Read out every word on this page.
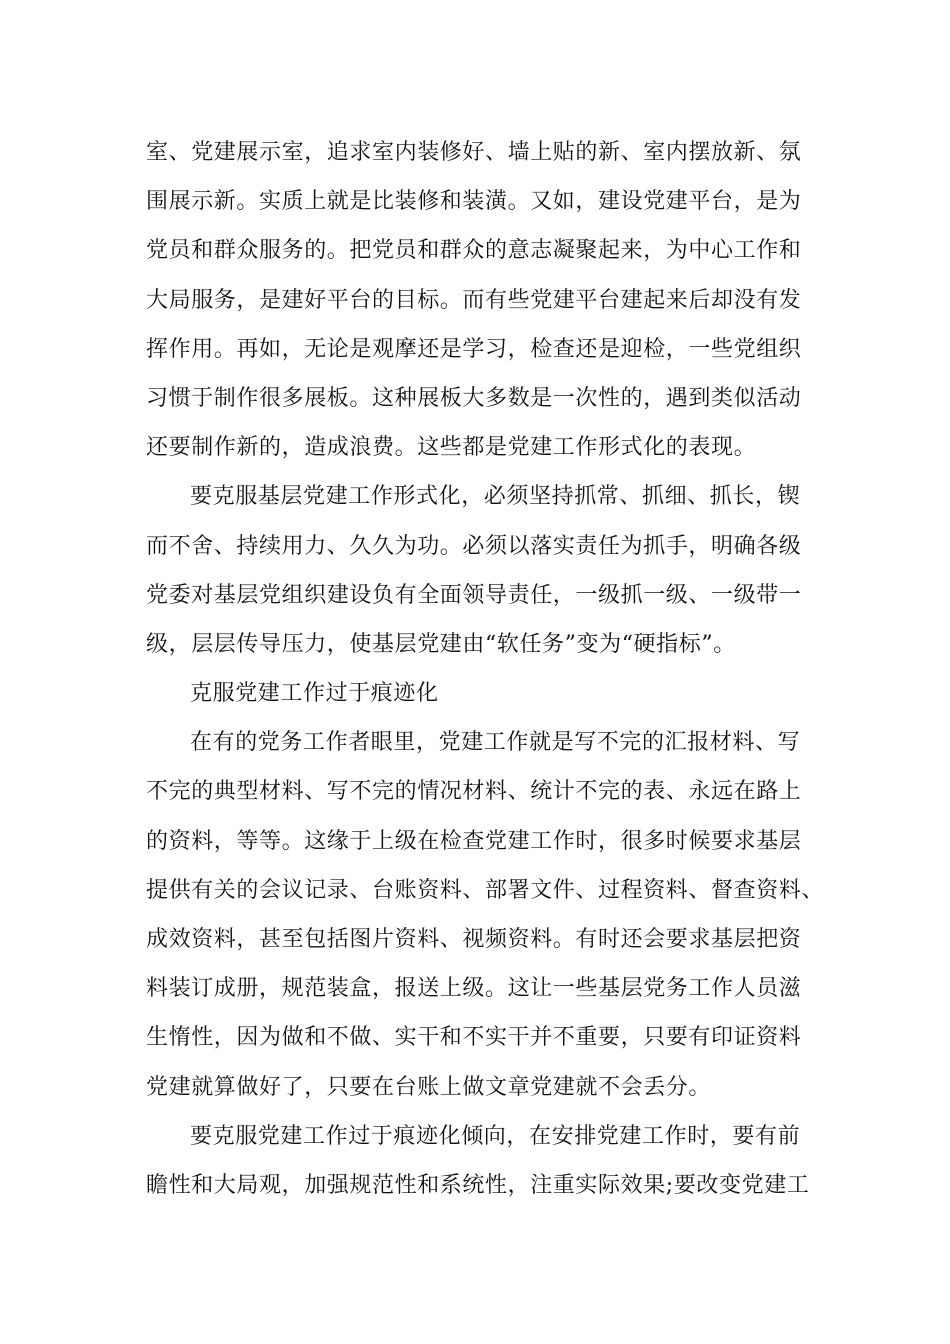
室、党建展示室，追求室内装修好、墙上贴的新、室内摆放新、氛
围展示新。实质上就是比装修和装潢。又如，建设党建平台，是为
党员和群众服务的。把党员和群众的意志凝聚起来，为中心工作和
大局服务，是建好平台的目标。而有些党建平台建起来后却没有发
挥作用。再如，无论是观摩还是学习，检查还是迎检，一些党组织
习惯于制作很多展板。这种展板大多数是一次性的，遇到类似活动
还要制作新的，造成浪费。这些都是党建工作形式化的表现。
要克服基层党建工作形式化，必须坚持抓常、抓细、抓长，锲
而不舍、持续用力、久久为功。必须以落实责任为抓手，明确各级
党委对基层党组织建设负有全面领导责任，一级抓一级、一级带一
级，层层传导压力，使基层党建由“软任务”变为“硬指标”。
克服党建工作过于痕迹化
在有的党务工作者眼里，党建工作就是写不完的汇报材料、写
不完的典型材料、写不完的情况材料、统计不完的表、永远在路上
的资料，等等。这缘于上级在检查党建工作时，很多时候要求基层
提供有关的会议记录、台账资料、部署文件、过程资料、督查资料、
成效资料，甚至包括图片资料、视频资料。有时还会要求基层把资
料装订成册，规范装盒，报送上级。这让一些基层党务工作人员滋
生惰性，因为做和不做、实干和不实干并不重要，只要有印证资料
党建就算做好了，只要在台账上做文章党建就不会丢分。
要克服党建工作过于痕迹化倾向，在安排党建工作时，要有前
瞻性和大局观，加强规范性和系统性，注重实际效果;要改变党建工
